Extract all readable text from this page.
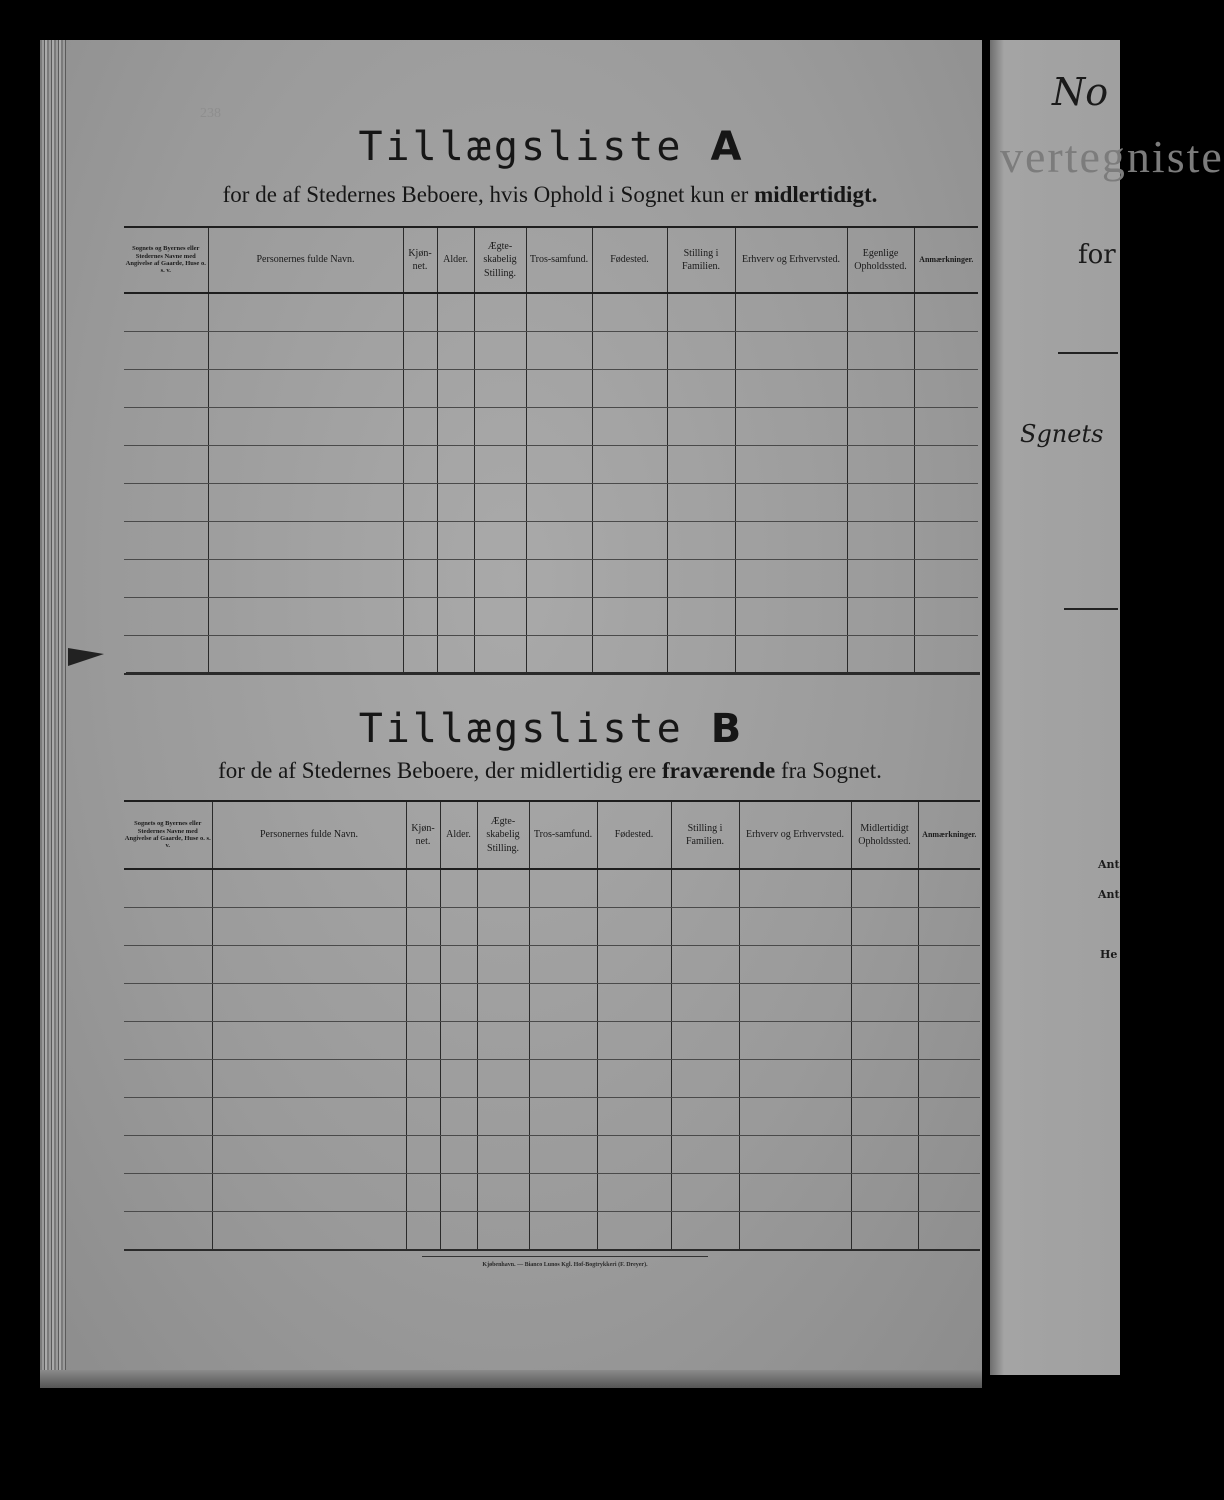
238
Tillægsliste A
for de af Stedernes Beboere, hvis Ophold i Sognet kun er midlertidigt.
Sognets og Byernes eller Stedernes Navne med Angivelse af Gaarde, Huse o. s. v.	Personernes fulde Navn.	Kjøn-net.	Alder.	Ægte-skabelig Stilling.	Tros-samfund.	Fødested.	Stilling i Familien.	Erhverv og Erhvervsted.	Egenlige Opholdssted.	Anmærkninger.

Tillægsliste B
for de af Stedernes Beboere, der midlertidig ere fraværende fra Sognet.
Sognets og Byernes eller Stedernes Navne med Angivelse af Gaarde, Huse o. s. v.	Personernes fulde Navn.	Kjøn-net.	Alder.	Ægte-skabelig Stilling.	Tros-samfund.	Fødested.	Stilling i Familien.	Erhverv og Erhvervsted.	Midlertidigt Opholdssted.	Anmærkninger.

Kjøbenhavn. — Bianco Lunos Kgl. Hof-Bogtrykkeri (F. Dreyer).
No
vertegniste
for
Sgnets
Ant
Ant
He
